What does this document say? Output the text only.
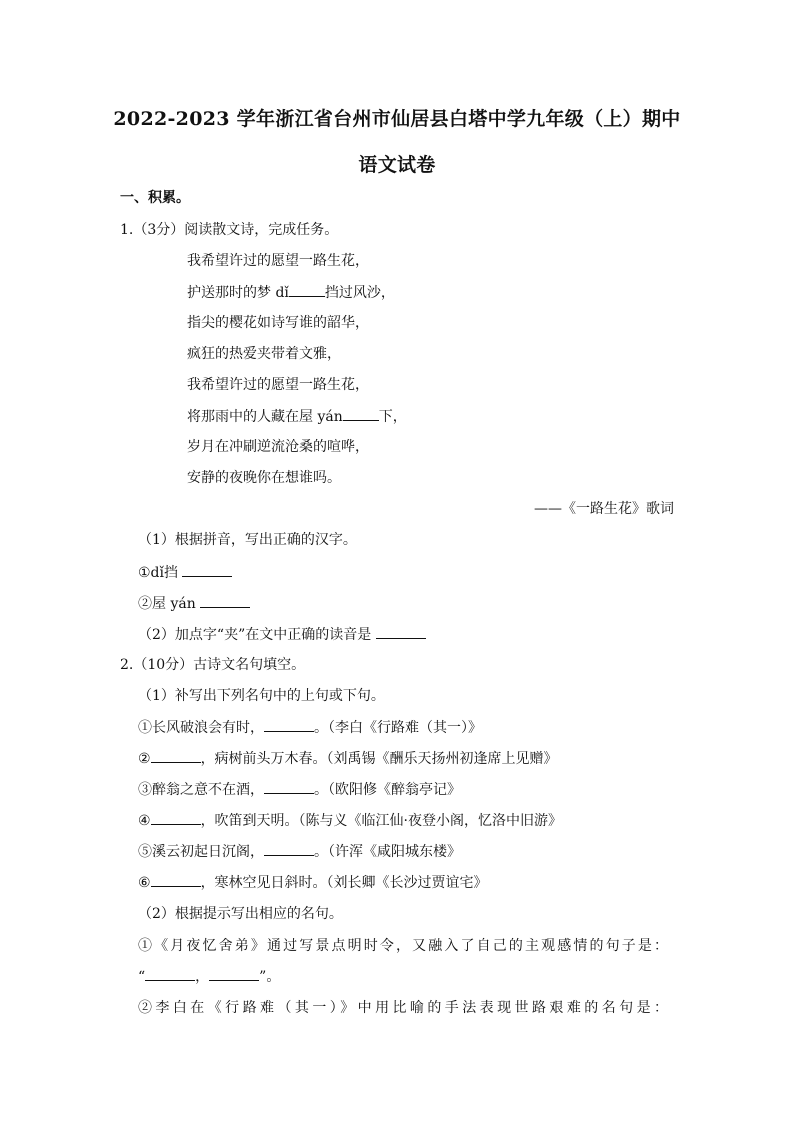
2022-2023 学年浙江省台州市仙居县白塔中学九年级（上）期中
语文试卷
一、积累。
1.（3分）阅读散文诗，完成任务。
我希望许过的愿望一路生花，
护送那时的梦 dǐ	挡过风沙，
指尖的樱花如诗写谁的韶华，
疯狂的热爱夹带着文雅，
我希望许过的愿望一路生花，
将那雨中的人藏在屋 yán	下，
岁月在冲刷逆流沧桑的喧哗，
安静的夜晚你在想谁吗。
——《一路生花》歌词
（1）根据拼音，写出正确的汉字。
①dǐ挡
②屋 yán
（2）加点字“夹”在文中正确的读音是
2.（10分）古诗文名句填空。
（1）补写出下列名句中的上句或下句。
①长风破浪会有时，	。（李白《行路难（其一）》
②	，病树前头万木春。（刘禹锡《酬乐天扬州初逢席上见赠》
③醉翁之意不在酒，	。（欧阳修《醉翁亭记》
④	，吹笛到天明。（陈与义《临江仙·夜登小阁，忆洛中旧游》
⑤溪云初起日沉阁，	。（许浑《咸阳城东楼》
⑥	，寒林空见日斜时。（刘长卿《长沙过贾谊宅》
（2）根据提示写出相应的名句。
①《月夜忆舍弟》通过写景点明时令，又融入了自己的主观感情的句子是：
“	，	”。
②李白在《行路难（其一）》中用比喻的手法表现世路艰难的名句是：
